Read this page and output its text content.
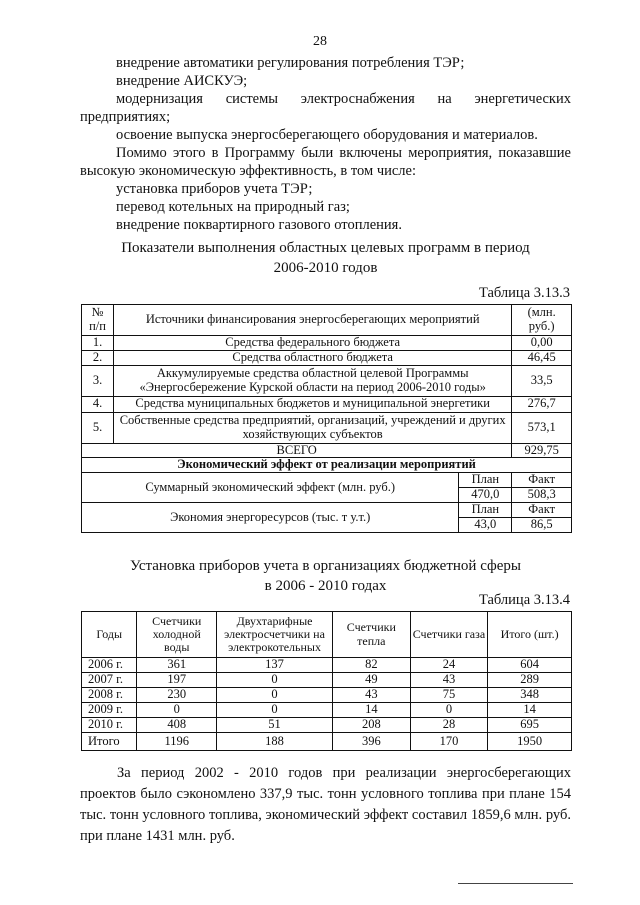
28
внедрение автоматики регулирования потребления ТЭР;
внедрение АИСКУЭ;
модернизация системы электроснабжения на энергетических
предприятиях;
освоение выпуска энергосберегающего оборудования и материалов.
Помимо этого в Программу были включены мероприятия, показавшие
высокую экономическую эффективность, в том числе:
установка приборов учета ТЭР;
перевод котельных на природный газ;
внедрение поквартирного газового отопления.
Показатели выполнения областных целевых программ в период
2006-2010 годов
Таблица 3.13.3
№ п/п	Источники финансирования энергосберегающих мероприятий		(млн. руб.)
1.	Средства федерального бюджета		0,00
2.	Средства областного бюджета		46,45
3.	Аккумулируемые средства областной целевой Программы «Энергосбережение Курской области на период 2006-2010 годы»		33,5
4.	Средства муниципальных бюджетов и муниципальной энергетики		276,7
5.	Собственные средства предприятий, организаций, учреждений и других хозяйствующих субъектов		573,1
ВСЕГО			929,75
Экономический эффект от реализации мероприятий			
Суммарный экономический эффект (млн. руб.)		План	Факт
		470,0	508,3
Экономия энергоресурсов (тыс. т у.т.)		План	Факт
		43,0	86,5
Установка приборов учета в организациях бюджетной сферы
в 2006 - 2010 годах
Таблица 3.13.4
Годы	Счетчики холодной воды	Двухтарифные электросчетчики на электрокотельных	Счетчики тепла	Счетчики газа	Итого (шт.)
2006 г.	361	137	82	24	604
2007 г.	197	0	49	43	289
2008 г.	230	0	43	75	348
2009 г.	0	0	14	0	14
2010 г.	408	51	208	28	695
Итого	1196	188	396	170	1950
За период 2002 - 2010 годов при реализации энергосберегающих проектов было сэкономлено 337,9 тыс. тонн условного топлива при плане 154 тыс. тонн условного топлива, экономический эффект составил 1859,6 млн. руб. при плане 1431 млн. руб.
